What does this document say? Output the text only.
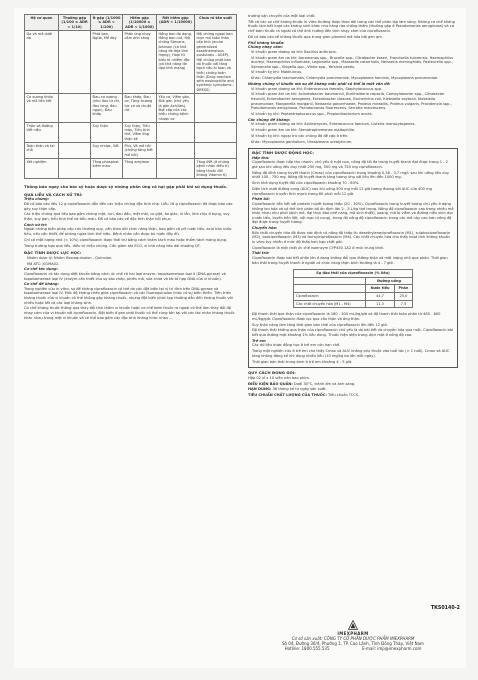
Hệ cơ quan	Thường gặp (1/100 ≤ ADR < 1/10)	Ít gặp (1/1000 ≤ ADR < 1/100)	Hiếm gặp (1/10000 ≤ ADR < 1/1000)	Rất hiếm gặp (ADR < 1/10000)	Chưa rõ tần suất
Da và mô dưới da		Phát ban, Ngứa, Mề đay	Phản ứng nhạy cảm ánh sáng	Hồng ban đa dạng, Hồng ban nút, Hội chứng Stevens-Johnson (có khả năng đe dọa tính mạng), Hoại tử biểu bì nhiễm độc (có khả năng đe dọa tính mạng)	Hội chứng ngoại ban mụn mủ toàn thân cấp tính (acute generalized exanthematous pustulosis - AGEP). Hội chứng phát ban do thuốc với tăng bạch cầu ái toan và triệu chứng toàn thân (Drug reaction with eosinophilia and systemic symptoms - DRESS)
Cơ xương khớp và mô liên kết		Đau cơ xương (như đau tứ chi, đau lưng, đau ngực), Đau khớp	Đau khớp, Đau cơ, Tăng trương lực cơ và chuột rút	Yếu cơ, Viêm gân, Đứt gân (chủ yếu là gân Achilles), Đợt cấp của các triệu chứng bệnh nhược cơ	
Thận và đường tiết niệu		Suy thận	Suy thận, Tiểu máu, Tiểu tinh thể, Viêm ống thận kẽ		
Toàn thân và tại chỗ		Suy nhược, Sốt	Phù, Vã mồ hôi (chứng tăng tiết mồ hôi)		
Xét nghiệm		Tăng phosphat kiềm máu	Tăng amylase		Tăng INR (ở những bệnh nhân điều trị bằng thuốc đối kháng Vitamin K)
Thông báo ngay cho bác sỹ hoặc dược sỹ những phản ứng có hại gặp phải khi sử dụng thuốc.
QUÁ LIỀU VÀ CÁCH XỬ TRÍ:
Triệu chứng:

Đã có báo cáo liều 12 g ciprofloxacin dẫn đến các triệu chứng độc tính nhẹ. Liều 16 g ciprofloxacin đã được báo cáo gây suy thận cấp.

Các triệu chứng quá liều bao gồm chóng mặt, run, đau đầu, mệt mỏi, co giật, ảo giác, lú lẫn, khó chịu ở bụng, suy thận, suy gan, tiểu tinh thể và tiểu máu. Đã có báo cáo về độc tính thận hồi phục.

Cách xử trí:

Ngoài những biện pháp cấp cứu thường quy, cần theo dõi chức năng thận, bao gồm cả pH nước tiểu, acid hóa nước tiểu, nếu cần thiết, để phòng ngừa tinh thể niệu. Bệnh nhân cần được bù nước đầy đủ.

Chỉ có một lượng nhỏ (< 10%) ciprofloxacin được thải trừ bằng cách thẩm tách máu hoặc thẩm tách màng bụng.

Trong trường hợp quá liều, điều trị triệu chứng. Cần giám sát ECG, vì khả năng kéo dài khoảng QT.

ĐẶC TÍNH DƯỢC LỰC HỌC:

Nhóm dược lý: Nhóm fluoroquinolon - Quinolon.

Mã ATC: J01MA02.

Cơ chế tác dụng:

Ciprofloxacin có tác dụng diệt khuẩn bằng cách ức chế cả hai loại enzym: topoisomerase loại II (DNA-gyrase) và topoisomerase loại IV (enzym cần thiết cho sự sao chép, phiên mã, sửa chữa và tái tổ hợp DNA của vi khuẩn).

Cơ chế đề kháng:

Trong nghiên cứu in vitro, sự đề kháng ciprofloxacin có thể do các đột biến tại vị trí đích trên DNA-gyrase và topoisomerase loại IV. Mức độ kháng chéo giữa ciprofloxacin và các fluoroquinolon khác có sự biến thiên. Tiến triển kháng thuốc của vi khuẩn có thể không gây kháng thuốc, nhưng đột biến phức tạp thường dẫn đến kháng thuốc với nhiều hoặc tất cả các loại kháng sinh.

Cơ chế kháng thuốc thông qua thay đổi tính thấm vi khuẩn hoặc cơ chế bơm thuốc ra ngoài có thể làm thay đổi độ nhạy cảm của vi khuẩn với ciprofloxacin. Đột biến ở gen phải thuốc có thể cùng tồn tại với các tác nhân kháng thuốc khác nhau trong một vi khuẩn và có thể bao gồm các đặc tính kháng khác nhau ...

trường vận chuyển của một loại chất.

Tất cả các cơ chế kháng thuốc in vitro thường được theo dõi trong các thể phân lập lâm sàng. Những cơ chế kháng thuốc làm bất hoạt các kháng sinh khác như hàng rào chống thấm (thường gặp ở Pseudomonas aeruginosa) và cơ chế bơm thuốc ra ngoài có thể ảnh hưởng đến tính nhạy cảm của ciprofloxacin.

Đã có báo cáo về kháng thuốc qua trung gian plasmid mã hóa bởi gen qnr.

Phổ kháng khuẩn:
Chủng nhạy cảm:

Vi khuẩn gram dương ưa khí: Bacillus anthracis.

Vi khuẩn gram âm ưa khí: Aeromonas spp., Brucella spp., Citrobacter koseri, Francisella tularensis, Haemophilus ducreyi, Haemophilus influenzae, Legionella spp., Moraxella catarrhalis, Neisseria meningitidis, Pasteurella spp., Salmonella spp., Shigella spp., Vibrio spp., Yersinia pestis.

Vi khuẩn kỵ khí: Mobiluncus.

Khác: Chlamydia trachomatis, Chlamydia pneumoniae, Mycoplasma hominis, Mycoplasma pneumoniae.

Những chủng vi khuẩn mà sự đề kháng mắc phải có thể là một vấn đề:

Vi khuẩn gram dương ưa khí: Enterococcus faecalis, Staphylococcus spp.

Vi khuẩn gram âm ưa khí: Acinetobacter baumannii, Burkholderia cepacia, Campylobacter spp., Citrobacter freundii, Enterobacter aerogenes, Enterobacter cloacae, Escherichia coli, Klebsiella oxytoca, Klebsiella pneumoniae, Morganella morganii, Neisseria gonorrhoeae, Proteus mirabilis, Proteus vulgaris, Providencia spp., Pseudomonas aeruginosa, Pseudomonas fluorescens, Serratia marcescens.

Vi khuẩn kỵ khí: Peptostreptococcus spp., Propionibacterium acnes.

Các chủng đề kháng:

Vi khuẩn gram dương ưa khí: Actinomyces, Enterococcus faecium, Listeria monocytogenes.

Vi khuẩn gram âm ưa khí: Stenotrophomonas maltophilia.

Vi khuẩn kỵ khí: ngoại trừ các chủng đã đề cập ở trên.

Khác: Mycoplasma genitalium, Ureaplasma urealyticum.

ĐẶC TÍNH DƯỢC ĐỘNG HỌC:
Hấp thu:

Ciprofloxacin được hấp thu nhanh, chủ yếu ở ruột non, nồng độ tối đa trong huyết thanh đạt được trong 1 - 2 giờ sau khi uống liều duy nhất 250 mg, 500 mg và 750 mg ciprofloxacin.

Nồng độ đỉnh trong huyết thanh (Cmax) của ciprofloxacin trong khoảng 0,56 - 3,7 mg/L sau khi uống liều duy nhất 100 - 750 mg. Nồng độ huyết thanh tăng tương ứng với liều lên đến 1000 mg.

Sinh khả dụng tuyệt đối của ciprofloxacin khoảng 70 - 80%.

Diện tích dưới đường cong (AUC) sau khi uống 500 mg mỗi 12 giờ tương đương với AUC của 400 mg ciprofloxacin truyền tĩnh mạch trong 60 phút mỗi 12 giờ.

Phân bố:

Ciprofloxacin liên kết với protein huyết tương thấp (20 - 30%). Ciprofloxacin trong huyết tương chủ yếu ở dạng không ion hóa và có thể tích phân bố ổn định lớn 2 - 3 L/kg thể trọng. Nồng độ ciprofloxacin cao trong nhiều mô khác nhau như phổi (dịch mô, đại thực bào phế nang, mô sinh thiết), xoang, mô bị viêm và đường niệu sinh dục (nước tiểu, tuyến tiền liệt, nội mạc tử cung), trong đó nồng độ ciprofloxacin trong các mô này cao hơn nồng độ đạt được trong huyết tương.

Chuyển hóa:

Bốn chất chuyển hóa đã được xác định có nồng độ thấp là: desethyleneciprofloxacin (M1), sulphociprofloxacin (M2), oxociprofloxacin (M3) và formylciprofloxacin (M4). Các chất chuyển hóa cho thấy hoạt tính kháng khuẩn in vitro tuy nhiên ở mức độ thấp hơn hợp chất gốc.

Ciprofloxacin là một chất ức chế isoenzym CYP450 1A2 ở mức trung bình.

Thải trừ:

Ciprofloxacin được bài tiết phần lớn ở dạng không đổi qua đường thận và một lượng nhỏ qua phân. Thời gian bán thải trong huyết thanh ở người có chức năng thận bình thường là 4 - 7 giờ.

Sự đào thải của ciprofloxacin (% liều)		
	Đường uống	
	Nước tiểu	Phân
Ciprofloxacin	44,7	25,0
Các chất chuyển hóa (M1 - M4)	11,3	7,5

Độ thanh thải qua thận của ciprofloxacin là 180 - 300 mL/kg/giờ và độ thanh thải toàn phần từ 480 - 600 mL/kg/giờ. Ciprofloxacin được lọc qua cầu thận và ống thận.

Suy thận nặng làm tăng thời gian bán thải của ciprofloxacin lên đến 12 giờ.

Độ thanh thải không qua thận của ciprofloxacin chủ yếu là do bài tiết và chuyển hóa qua ruột. Ciprofloxacin bài tiết qua đường mật khoảng 1% liều dùng. Thuốc hiện diện trong dịch mật ở nồng độ cao.

Trẻ em

Các dữ liệu dược động học ở trẻ em còn hạn chế.

Trong một nghiên cứu ở trẻ em cho thấy Cmax và AUC không phụ thuộc vào tuổi tác (> 1 tuổi). Cmax và AUC tăng không đáng kể khi dùng nhiều liều (10 mg/kg ba lần mỗi ngày).

Thời gian bán thải trung bình ở trẻ em khoảng 4 - 5 giờ.

QUY CÁCH ĐÓNG GÓI:

Hộp 02 vỉ x 10 viên nén bao phim.

ĐIỀU KIỆN BẢO QUẢN: Dưới 30°C, tránh ẩm và ánh sáng.

HẠN DÙNG: 36 tháng kể từ ngày sản xuất.

TIÊU CHUẨN CHẤT LƯỢNG CỦA THUỐC: Tiêu chuẩn TCCS.

TKS0140-2
IMEXPHARM
Cơ sở sản xuất: CÔNG TY CỔ PHẦN DƯỢC PHẨM IMEXPHARM
Số 04, Đường 30/4, Phường 1, TP. Cao Lãnh, Tỉnh Đồng Tháp, Việt Nam
Hotline: 1800.555.535	E-mail: imp@imexpharm.com
